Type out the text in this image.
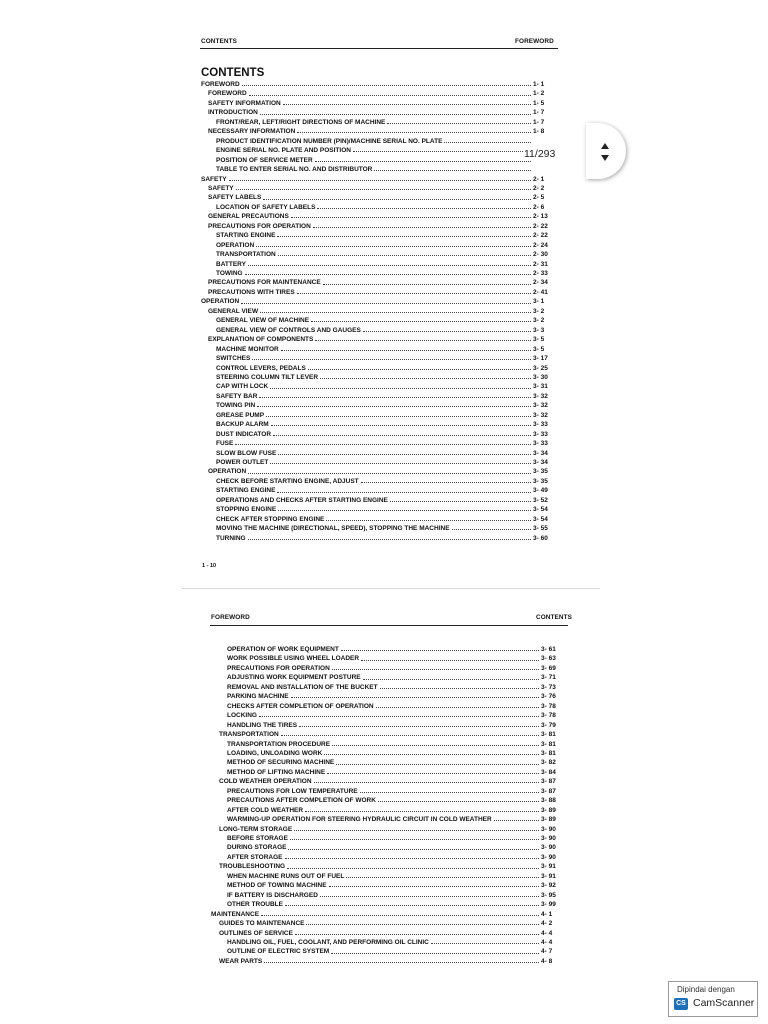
CONTENTS	FOREWORD
CONTENTS
FOREWORD	1- 1
FOREWORD	1- 2
SAFETY INFORMATION	1- 5
INTRODUCTION	1- 7
FRONT/REAR, LEFT/RIGHT DIRECTIONS OF MACHINE	1- 7
NECESSARY INFORMATION	1- 8
PRODUCT IDENTIFICATION NUMBER (PIN)/MACHINE SERIAL NO. PLATE
ENGINE SERIAL NO. PLATE AND POSITION
POSITION OF SERVICE METER
TABLE TO ENTER SERIAL NO. AND DISTRIBUTOR
SAFETY	2- 1
SAFETY	2- 2
SAFETY LABELS	2- 5
LOCATION OF SAFETY LABELS	2- 6
GENERAL PRECAUTIONS	2- 13
PRECAUTIONS FOR OPERATION	2- 22
STARTING ENGINE	2- 22
OPERATION	2- 24
TRANSPORTATION	2- 30
BATTERY	2- 31
TOWING	2- 33
PRECAUTIONS FOR MAINTENANCE	2- 34
PRECAUTIONS WITH TIRES	2- 41
OPERATION	3- 1
GENERAL VIEW	3- 2
GENERAL VIEW OF MACHINE	3- 2
GENERAL VIEW OF CONTROLS AND GAUGES	3- 3
EXPLANATION OF COMPONENTS	3- 5
MACHINE MONITOR	3- 5
SWITCHES	3- 17
CONTROL LEVERS, PEDALS	3- 25
STEERING COLUMN TILT LEVER	3- 30
CAP WITH LOCK	3- 31
SAFETY BAR	3- 32
TOWING PIN	3- 32
GREASE PUMP	3- 32
BACKUP ALARM	3- 33
DUST INDICATOR	3- 33
FUSE	3- 33
SLOW BLOW FUSE	3- 34
POWER OUTLET	3- 34
OPERATION	3- 35
CHECK BEFORE STARTING ENGINE, ADJUST	3- 35
STARTING ENGINE	3- 49
OPERATIONS AND CHECKS AFTER STARTING ENGINE	3- 52
STOPPING ENGINE	3- 54
CHECK AFTER STOPPING ENGINE	3- 54
MOVING THE MACHINE (DIRECTIONAL, SPEED), STOPPING THE MACHINE	3- 55
TURNING	3- 60
1 - 10
FOREWORD	CONTENTS
OPERATION OF WORK EQUIPMENT	3- 61
WORK POSSIBLE USING WHEEL LOADER	3- 63
PRECAUTIONS FOR OPERATION	3- 69
ADJUSTING WORK EQUIPMENT POSTURE	3- 71
REMOVAL AND INSTALLATION OF THE BUCKET	3- 73
PARKING MACHINE	3- 76
CHECKS AFTER COMPLETION OF OPERATION	3- 78
LOCKING	3- 78
HANDLING THE TIRES	3- 79
TRANSPORTATION	3- 81
TRANSPORTATION PROCEDURE	3- 81
LOADING, UNLOADING WORK	3- 81
METHOD OF SECURING MACHINE	3- 82
METHOD OF LIFTING MACHINE	3- 84
COLD WEATHER OPERATION	3- 87
PRECAUTIONS FOR LOW TEMPERATURE	3- 87
PRECAUTIONS AFTER COMPLETION OF WORK	3- 88
AFTER COLD WEATHER	3- 89
WARMING-UP OPERATION FOR STEERING HYDRAULIC CIRCUIT IN COLD WEATHER	3- 89
LONG-TERM STORAGE	3- 90
BEFORE STORAGE	3- 90
DURING STORAGE	3- 90
AFTER STORAGE	3- 90
TROUBLESHOOTING	3- 91
WHEN MACHINE RUNS OUT OF FUEL	3- 91
METHOD OF TOWING MACHINE	3- 92
IF BATTERY IS DISCHARGED	3- 95
OTHER TROUBLE	3- 99
MAINTENANCE	4- 1
GUIDES TO MAINTENANCE	4- 2
OUTLINES OF SERVICE	4- 4
HANDLING OIL, FUEL, COOLANT, AND PERFORMING OIL CLINIC	4- 4
OUTLINE OF ELECTRIC SYSTEM	4- 7
WEAR PARTS	4- 8
11/293
Dipindai dengan
CS CamScanner
